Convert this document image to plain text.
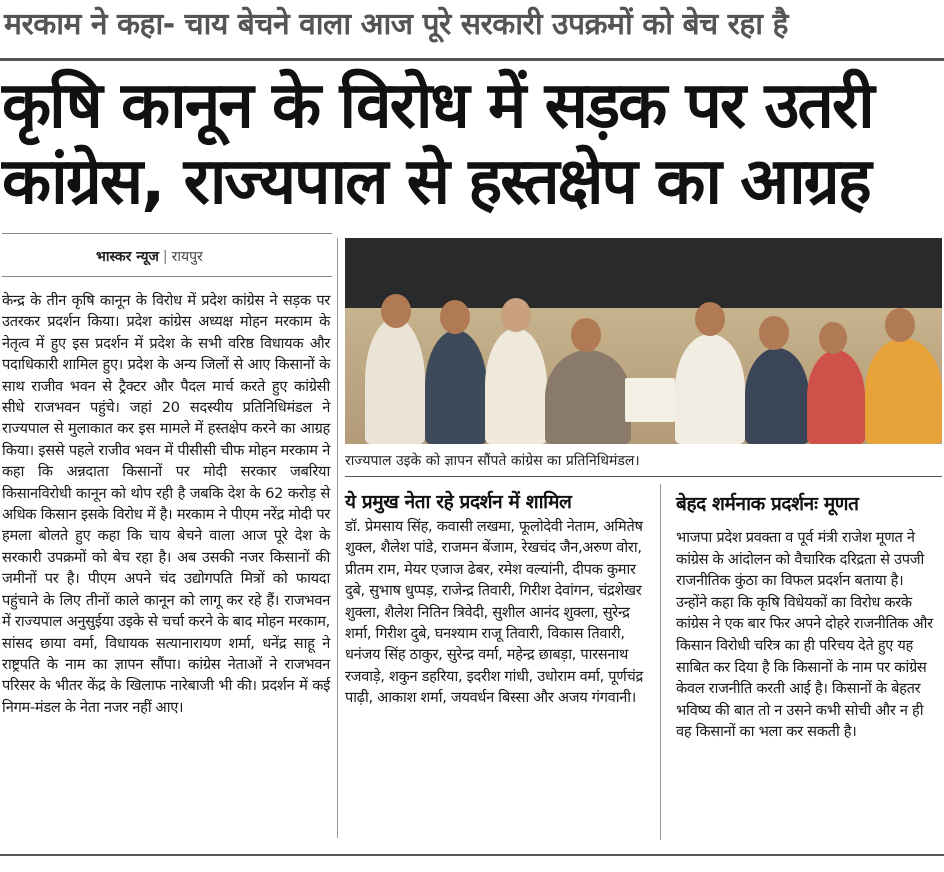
मरकाम ने कहा- चाय बेचने वाला आज पूरे सरकारी उपक्रमों को बेच रहा है
कृषि कानून के विरोध में सड़क पर उतरी
कांग्रेस, राज्यपाल से हस्तक्षेप का आग्रह
भास्कर न्यूज | रायपुर
केन्द्र के तीन कृषि कानून के विरोध में प्रदेश कांग्रेस ने सड़क पर उतरकर प्रदर्शन किया। प्रदेश कांग्रेस अध्यक्ष मोहन मरकाम के नेतृत्व में हुए इस प्रदर्शन में प्रदेश के सभी वरिष्ठ विधायक और पदाधिकारी शामिल हुए। प्रदेश के अन्य जिलों से आए किसानों के साथ राजीव भवन से ट्रैक्टर और पैदल मार्च करते हुए कांग्रेसी सीधे राजभवन पहुंचे। जहां 20 सदस्यीय प्रतिनिधिमंडल ने राज्यपाल से मुलाकात कर इस मामले में हस्तक्षेप करने का आग्रह किया। इससे पहले राजीव भवन में पीसीसी चीफ मोहन मरकाम ने कहा कि अन्नदाता किसानों पर मोदी सरकार जबरिया किसानविरोधी कानून को थोप रही है जबकि देश के 62 करोड़ से अधिक किसान इसके विरोध में है। मरकाम ने पीएम नरेंद्र मोदी पर हमला बोलते हुए कहा कि चाय बेचने वाला आज पूरे देश के सरकारी उपक्रमों को बेच रहा है। अब उसकी नजर किसानों की जमीनों पर है। पीएम अपने चंद उद्योगपति मित्रों को फायदा पहुंचाने के लिए तीनों काले कानून को लागू कर रहे हैं। राजभवन में राज्यपाल अनुसुईया उइके से चर्चा करने के बाद मोहन मरकाम, सांसद छाया वर्मा, विधायक सत्यानारायण शर्मा, धनेंद्र साहू ने राष्ट्रपति के नाम का ज्ञापन सौंपा। कांग्रेस नेताओं ने राजभवन परिसर के भीतर केंद्र के खिलाफ नारेबाजी भी की। प्रदर्शन में कई निगम-मंडल के नेता नजर नहीं आए।
राज्यपाल उइके को ज्ञापन सौंपते कांग्रेस का प्रतिनिधिमंडल।
ये प्रमुख नेता रहे प्रदर्शन में शामिल
डॉ. प्रेमसाय सिंह, कवासी लखमा, फूलोदेवी नेताम, अमितेष शुक्ल, शैलेश पांडे, राजमन बेंजाम, रेखचंद जैन,अरुण वोरा, प्रीतम राम, मेयर एजाज ढेबर, रमेश वल्यांनी, दीपक कुमार दुबे, सुभाष धुप्पड़, राजेन्द्र तिवारी, गिरीश देवांगन, चंद्रशेखर शुक्ला, शैलेश नितिन त्रिवेदी, सुशील आनंद शुक्ला, सुरेन्द्र शर्मा, गिरीश दुबे, घनश्याम राजू तिवारी, विकास तिवारी, धनंजय सिंह ठाकुर, सुरेन्द्र वर्मा, महेन्द्र छाबड़ा, पारसनाथ रजवाड़े, शकुन डहरिया, इदरीश गांधी, उधोराम वर्मा, पूर्णचंद्र पाढ़ी, आकाश शर्मा, जयवर्धन बिस्सा और अजय गंगवानी।
बेहद शर्मनाक प्रदर्शनः मूणत
भाजपा प्रदेश प्रवक्ता व पूर्व मंत्री राजेश मूणत ने कांग्रेस के आंदोलन को वैचारिक दरिद्रता से उपजी राजनीतिक कुंठा का विफल प्रदर्शन बताया है। उन्होंने कहा कि कृषि विधेयकों का विरोध करके कांग्रेस ने एक बार फिर अपने दोहरे राजनीतिक और किसान विरोधी चरित्र का ही परिचय देते हुए यह साबित कर दिया है कि किसानों के नाम पर कांग्रेस केवल राजनीति करती आई है। किसानों के बेहतर भविष्य की बात तो न उसने कभी सोची और न ही वह किसानों का भला कर सकती है।
